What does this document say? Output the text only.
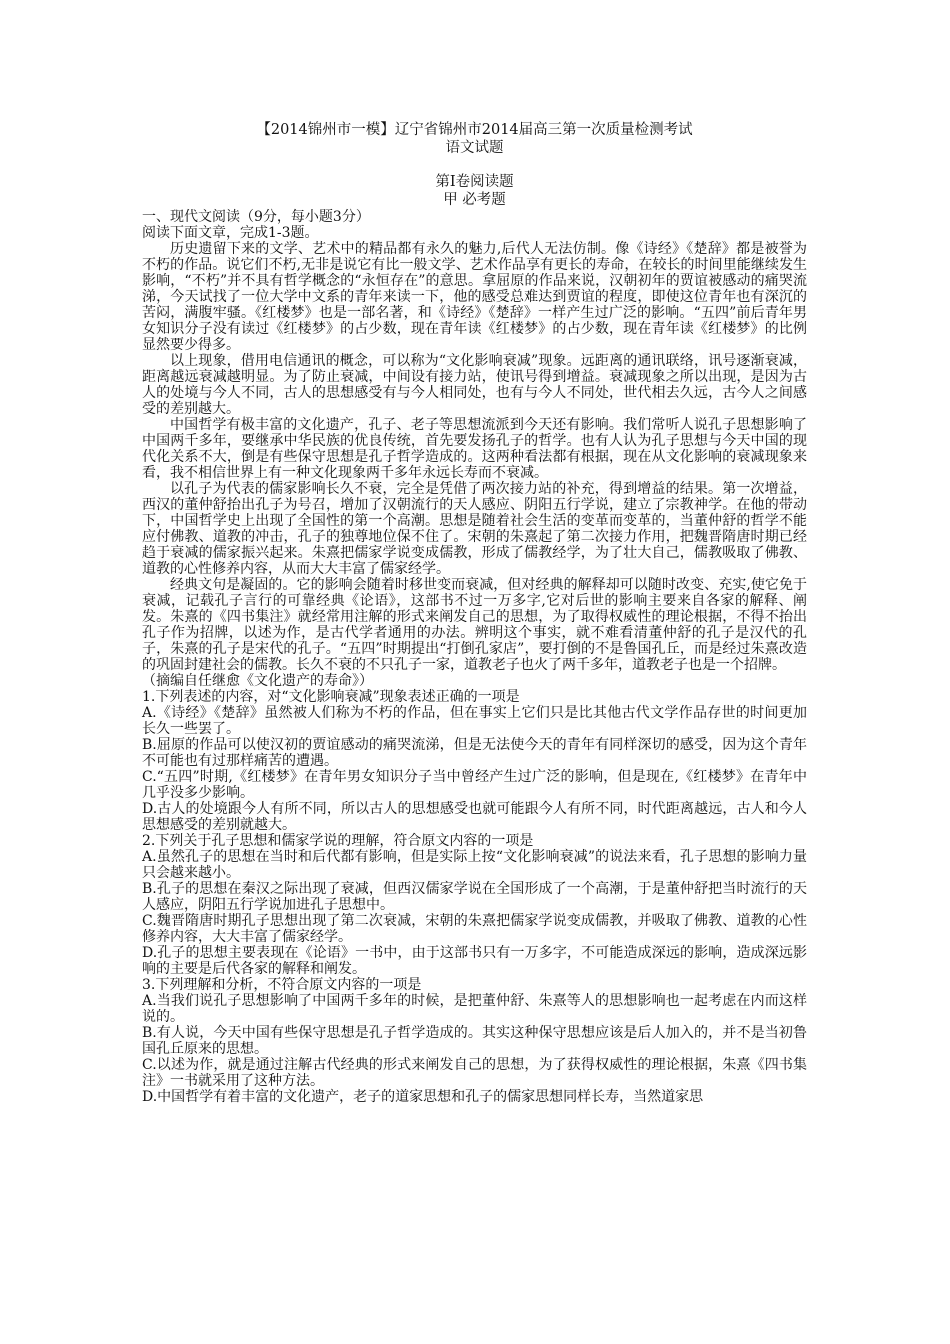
【2014锦州市一模】辽宁省锦州市2014届高三第一次质量检测考试
语文试题
第Ⅰ卷阅读题
甲 必考题

一、现代文阅读（9分，每小题3分）

阅读下面文章，完成1-3题。

历史遗留下来的文学、艺术中的精品都有永久的魅力,后代人无法仿制。像《诗经》《楚辞》都是被誉为不朽的作品。说它们不朽,无非是说它有比一般文学、艺术作品享有更长的寿命，在较长的时间里能继续发生影响，“不朽”并不具有哲学概念的“永恒存在”的意思。拿屈原的作品来说，汉朝初年的贾谊被感动的痛哭流涕，今天试找了一位大学中文系的青年来读一下，他的感受总难达到贾谊的程度，即使这位青年也有深沉的苦闷，满腹牢骚。《红楼梦》也是一部名著，和《诗经》《楚辞》一样产生过广泛的影响。“五四”前后青年男女知识分子没有读过《红楼梦》的占少数，现在青年读《红楼梦》的占少数，现在青年读《红楼梦》的比例显然要少得多。

以上现象，借用电信通讯的概念，可以称为“文化影响衰减”现象。远距离的通讯联络，讯号逐渐衰减，距离越远衰减越明显。为了防止衰减，中间设有接力站，使讯号得到增益。衰减现象之所以出现，是因为古人的处境与今人不同，古人的思想感受有与今人相同处，也有与今人不同处，世代相去久远，古今人之间感受的差别越大。

中国哲学有极丰富的文化遗产，孔子、老子等思想流派到今天还有影响。我们常听人说孔子思想影响了中国两千多年，要继承中华民族的优良传统，首先要发扬孔子的哲学。也有人认为孔子思想与今天中国的现代化关系不大，倒是有些保守思想是孔子哲学造成的。这两种看法都有根据，现在从文化影响的衰减现象来看，我不相信世界上有一种文化现象两千多年永远长寿而不衰减。

以孔子为代表的儒家影响长久不衰，完全是凭借了两次接力站的补充，得到增益的结果。第一次增益，西汉的董仲舒抬出孔子为号召，增加了汉朝流行的天人感应、阴阳五行学说，建立了宗教神学。在他的带动下，中国哲学史上出现了全国性的第一个高潮。思想是随着社会生活的变革而变革的，当董仲舒的哲学不能应付佛教、道教的冲击，孔子的独尊地位保不住了。宋朝的朱熹起了第二次接力作用，把魏晋隋唐时期已经趋于衰减的儒家振兴起来。朱熹把儒家学说变成儒教，形成了儒教经学，为了壮大自己，儒教吸取了佛教、道教的心性修养内容，从而大大丰富了儒家经学。

经典文句是凝固的。它的影响会随着时移世变而衰减，但对经典的解释却可以随时改变、充实,使它免于衰减，记载孔子言行的可靠经典《论语》，这部书不过一万多字,它对后世的影响主要来自各家的解释、阐发。朱熹的《四书集注》就经常用注解的形式来阐发自己的思想，为了取得权威性的理论根据，不得不抬出孔子作为招牌，以述为作，是古代学者通用的办法。辨明这个事实，就不难看清董仲舒的孔子是汉代的孔子，朱熹的孔子是宋代的孔子。“五四”时期提出“打倒孔家店”，要打倒的不是鲁国孔丘，而是经过朱熹改造的巩固封建社会的儒教。长久不衰的不只孔子一家，道教老子也火了两千多年，道教老子也是一个招牌。

（摘编自任继愈《文化遗产的寿命》）

1.下列表述的内容，对“文化影响衰减”现象表述正确的一项是

A.《诗经》《楚辞》虽然被人们称为不朽的作品，但在事实上它们只是比其他古代文学作品存世的时间更加长久一些罢了。

B.屈原的作品可以使汉初的贾谊感动的痛哭流涕，但是无法使今天的青年有同样深切的感受，因为这个青年不可能也有过那样痛苦的遭遇。

C.“五四”时期,《红楼梦》在青年男女知识分子当中曾经产生过广泛的影响，但是现在,《红楼梦》在青年中几乎没多少影响。

D.古人的处境跟今人有所不同，所以古人的思想感受也就可能跟今人有所不同，时代距离越远，古人和今人思想感受的差别就越大。

2.下列关于孔子思想和儒家学说的理解，符合原文内容的一项是

A.虽然孔子的思想在当时和后代都有影响，但是实际上按“文化影响衰减”的说法来看，孔子思想的影响力量只会越来越小。

B.孔子的思想在秦汉之际出现了衰减，但西汉儒家学说在全国形成了一个高潮，于是董仲舒把当时流行的天人感应，阴阳五行学说加进孔子思想中。

C.魏晋隋唐时期孔子思想出现了第二次衰减，宋朝的朱熹把儒家学说变成儒教，并吸取了佛教、道教的心性修养内容，大大丰富了儒家经学。

D.孔子的思想主要表现在《论语》一书中，由于这部书只有一万多字，不可能造成深远的影响，造成深远影响的主要是后代各家的解释和阐发。

3.下列理解和分析，不符合原文内容的一项是

A.当我们说孔子思想影响了中国两千多年的时候，是把董仲舒、朱熹等人的思想影响也一起考虑在内而这样说的。

B.有人说，今天中国有些保守思想是孔子哲学造成的。其实这种保守思想应该是后人加入的，并不是当初鲁国孔丘原来的思想。

C.以述为作，就是通过注解古代经典的形式来阐发自己的思想，为了获得权威性的理论根据，朱熹《四书集注》一书就采用了这种方法。

D.中国哲学有着丰富的文化遗产，老子的道家思想和孔子的儒家思想同样长寿，当然道家思
